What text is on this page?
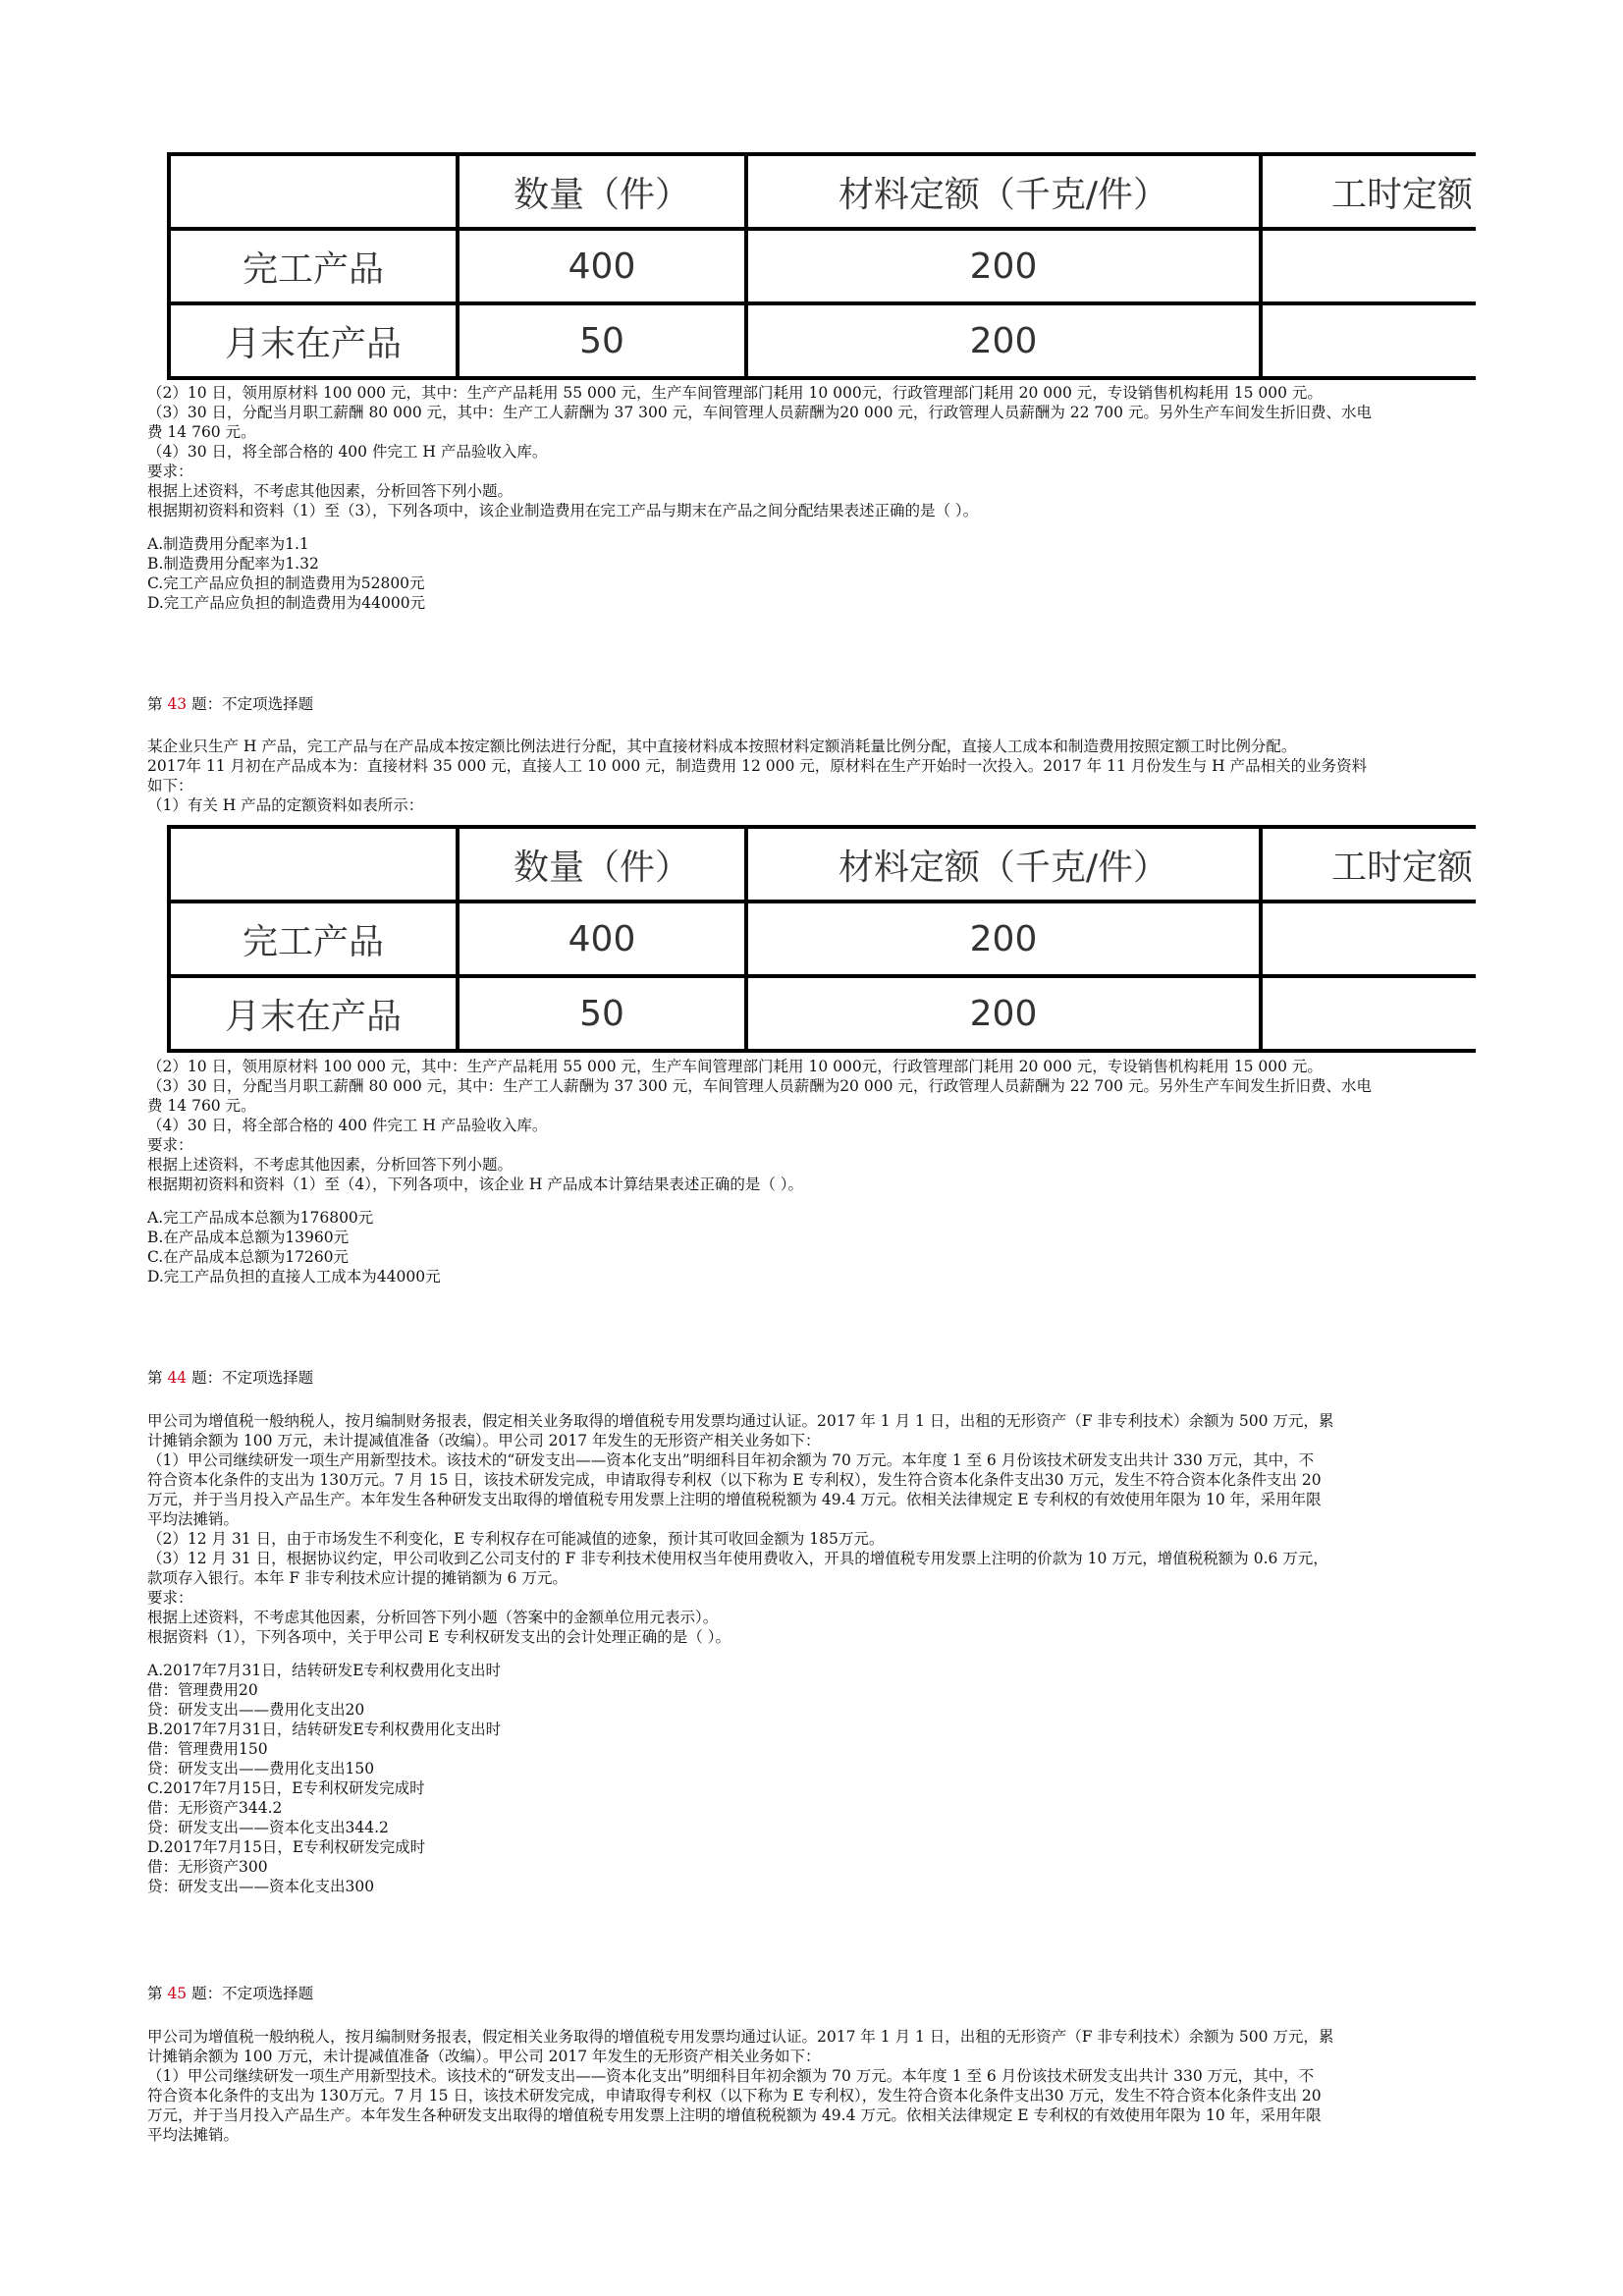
	数量（件）	材料定额（千克/件）	工时定额
完工产品	400	200	
月末在产品	50	200	

（2）10 日，领用原材料 100 000 元，其中：生产产品耗用 55 000 元，生产车间管理部门耗用 10 000元，行政管理部门耗用 20 000 元，专设销售机构耗用 15 000 元。

（3）30 日，分配当月职工薪酬 80 000 元，其中：生产工人薪酬为 37 300 元，车间管理人员薪酬为20 000 元，行政管理人员薪酬为 22 700 元。另外生产车间发生折旧费、水电

费 14 760 元。

（4）30 日，将全部合格的 400 件完工 H 产品验收入库。

要求：

根据上述资料，不考虑其他因素，分析回答下列小题。

根据期初资料和资料（1）至（3），下列各项中，该企业制造费用在完工产品与期末在产品之间分配结果表述正确的是（ ）。

A.制造费用分配率为1.1

B.制造费用分配率为1.32

C.完工产品应负担的制造费用为52800元

D.完工产品应负担的制造费用为44000元

第 43 题：不定项选择题

某企业只生产 H 产品，完工产品与在产品成本按定额比例法进行分配，其中直接材料成本按照材料定额消耗量比例分配，直接人工成本和制造费用按照定额工时比例分配。

2017年 11 月初在产品成本为：直接材料 35 000 元，直接人工 10 000 元，制造费用 12 000 元，原材料在生产开始时一次投入。2017 年 11 月份发生与 H 产品相关的业务资料

如下：

（1）有关 H 产品的定额资料如表所示：

	数量（件）	材料定额（千克/件）	工时定额
完工产品	400	200	
月末在产品	50	200	

（2）10 日，领用原材料 100 000 元，其中：生产产品耗用 55 000 元，生产车间管理部门耗用 10 000元，行政管理部门耗用 20 000 元，专设销售机构耗用 15 000 元。

（3）30 日，分配当月职工薪酬 80 000 元，其中：生产工人薪酬为 37 300 元，车间管理人员薪酬为20 000 元，行政管理人员薪酬为 22 700 元。另外生产车间发生折旧费、水电

费 14 760 元。

（4）30 日，将全部合格的 400 件完工 H 产品验收入库。

要求：

根据上述资料，不考虑其他因素，分析回答下列小题。

根据期初资料和资料（1）至（4），下列各项中，该企业 H 产品成本计算结果表述正确的是（ ）。

A.完工产品成本总额为176800元

B.在产品成本总额为13960元

C.在产品成本总额为17260元

D.完工产品负担的直接人工成本为44000元

第 44 题：不定项选择题

甲公司为增值税一般纳税人，按月编制财务报表，假定相关业务取得的增值税专用发票均通过认证。2017 年 1 月 1 日，出租的无形资产（F 非专利技术）余额为 500 万元，累

计摊销余额为 100 万元，未计提减值准备（改编）。甲公司 2017 年发生的无形资产相关业务如下：

（1）甲公司继续研发一项生产用新型技术。该技术的“研发支出——资本化支出”明细科目年初余额为 70 万元。本年度 1 至 6 月份该技术研发支出共计 330 万元，其中，不

符合资本化条件的支出为 130万元。7 月 15 日，该技术研发完成，申请取得专利权（以下称为 E 专利权），发生符合资本化条件支出30 万元，发生不符合资本化条件支出 20

万元，并于当月投入产品生产。本年发生各种研发支出取得的增值税专用发票上注明的增值税税额为 49.4 万元。依相关法律规定 E 专利权的有效使用年限为 10 年，采用年限

平均法摊销。

（2）12 月 31 日，由于市场发生不利变化，E 专利权存在可能减值的迹象，预计其可收回金额为 185万元。

（3）12 月 31 日，根据协议约定，甲公司收到乙公司支付的 F 非专利技术使用权当年使用费收入，开具的增值税专用发票上注明的价款为 10 万元，增值税税额为 0.6 万元，

款项存入银行。本年 F 非专利技术应计提的摊销额为 6 万元。

要求：

根据上述资料，不考虑其他因素，分析回答下列小题（答案中的金额单位用元表示）。

根据资料（1），下列各项中，关于甲公司 E 专利权研发支出的会计处理正确的是（ ）。

A.2017年7月31日，结转研发E专利权费用化支出时

借：管理费用20

贷：研发支出——费用化支出20

B.2017年7月31日，结转研发E专利权费用化支出时

借：管理费用150

贷：研发支出——费用化支出150

C.2017年7月15日，E专利权研发完成时

借：无形资产344.2

贷：研发支出——资本化支出344.2

D.2017年7月15日，E专利权研发完成时

借：无形资产300

贷：研发支出——资本化支出300

第 45 题：不定项选择题

甲公司为增值税一般纳税人，按月编制财务报表，假定相关业务取得的增值税专用发票均通过认证。2017 年 1 月 1 日，出租的无形资产（F 非专利技术）余额为 500 万元，累

计摊销余额为 100 万元，未计提减值准备（改编）。甲公司 2017 年发生的无形资产相关业务如下：

（1）甲公司继续研发一项生产用新型技术。该技术的“研发支出——资本化支出”明细科目年初余额为 70 万元。本年度 1 至 6 月份该技术研发支出共计 330 万元，其中，不

符合资本化条件的支出为 130万元。7 月 15 日，该技术研发完成，申请取得专利权（以下称为 E 专利权），发生符合资本化条件支出30 万元，发生不符合资本化条件支出 20

万元，并于当月投入产品生产。本年发生各种研发支出取得的增值税专用发票上注明的增值税税额为 49.4 万元。依相关法律规定 E 专利权的有效使用年限为 10 年，采用年限

平均法摊销。
